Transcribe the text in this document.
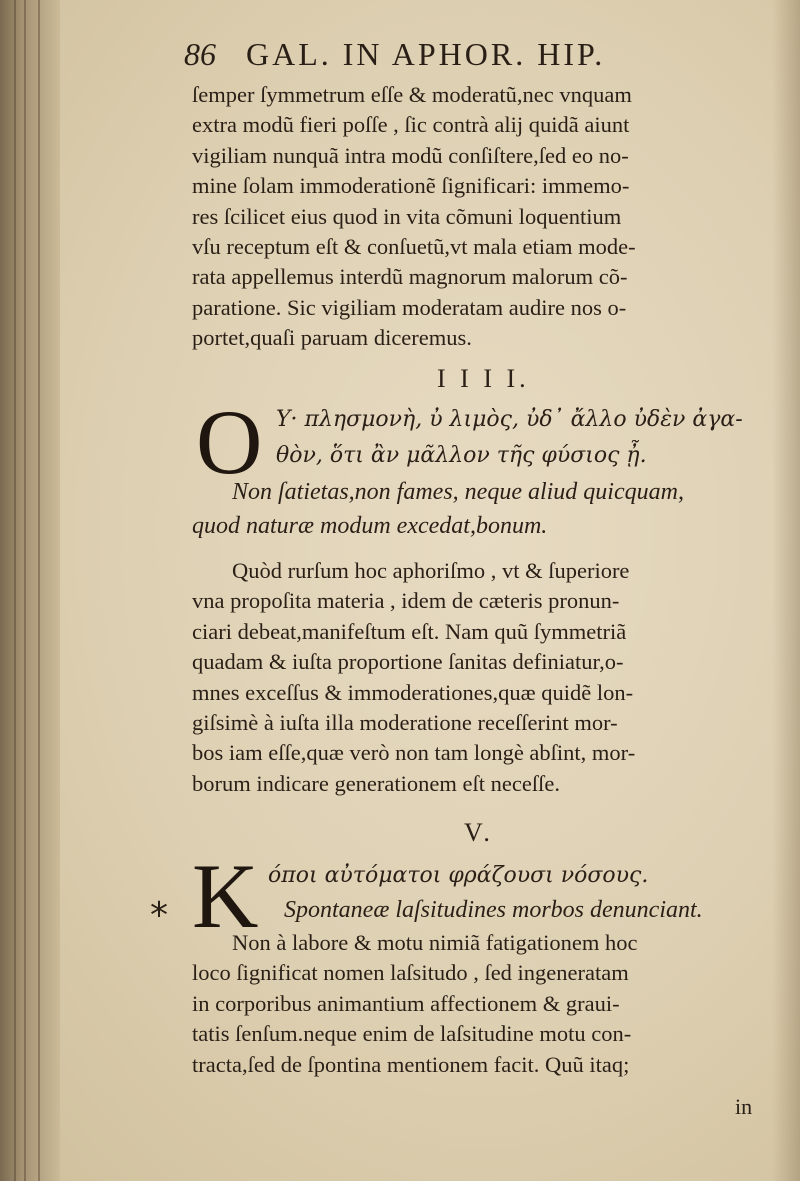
86 GAL. IN APHOR. HIP.
ſemper ſymmetrum eſſe & moderatũ,nec vnquam
extra modũ fieri poſſe , ſic contrà alij quidã aiunt
vigiliam nunquã intra modũ conſiſtere,ſed eo no-
mine ſolam immoderationẽ ſignificari: immemo-
res ſcilicet eius quod in vita cõmuni loquentium
vſu receptum eſt & conſuetũ,vt mala etiam mode-
rata appellemus interdũ magnorum malorum cõ-
paratione. Sic vigiliam moderatam audire nos o-
portet,quaſi paruam diceremus.
I I I I.
O Υ· πλησμονὴ, ὐ λιμὸς, ὐδ᾽ ἄλλο ὐδὲν ἀγα-
θὸν, ὅτι ἂν μᾶλλον τῆς φύσιος ᾖ.
Non ſatietas,non fames, neque aliud quicquam,
quod naturæ modum excedat,bonum.
Quòd rurſum hoc aphoriſmo , vt & ſuperiore
vna propoſita materia , idem de cæteris pronun-
ciari debeat,manifeſtum eſt. Nam quũ ſymmetriã
quadam & iuſta proportione ſanitas definiatur,o-
mnes exceſſus & immoderationes,quæ quidẽ lon-
giſsimè à iuſta illa moderatione receſſerint mor-
bos iam eſſe,quæ verò non tam longè abſint, mor-
borum indicare generationem eſt neceſſe.
V.
K όποι αὐτόματοι φράζουσι νόσους.
Spontaneæ laſsitudines morbos denunciant.
*
Non à labore & motu nimiã fatigationem hoc
loco ſignificat nomen laſsitudo , ſed ingeneratam
in corporibus animantium affectionem & graui-
tatis ſenſum.neque enim de laſsitudine motu con-
tracta,ſed de ſpontina mentionem facit. Quũ itaq;
in
